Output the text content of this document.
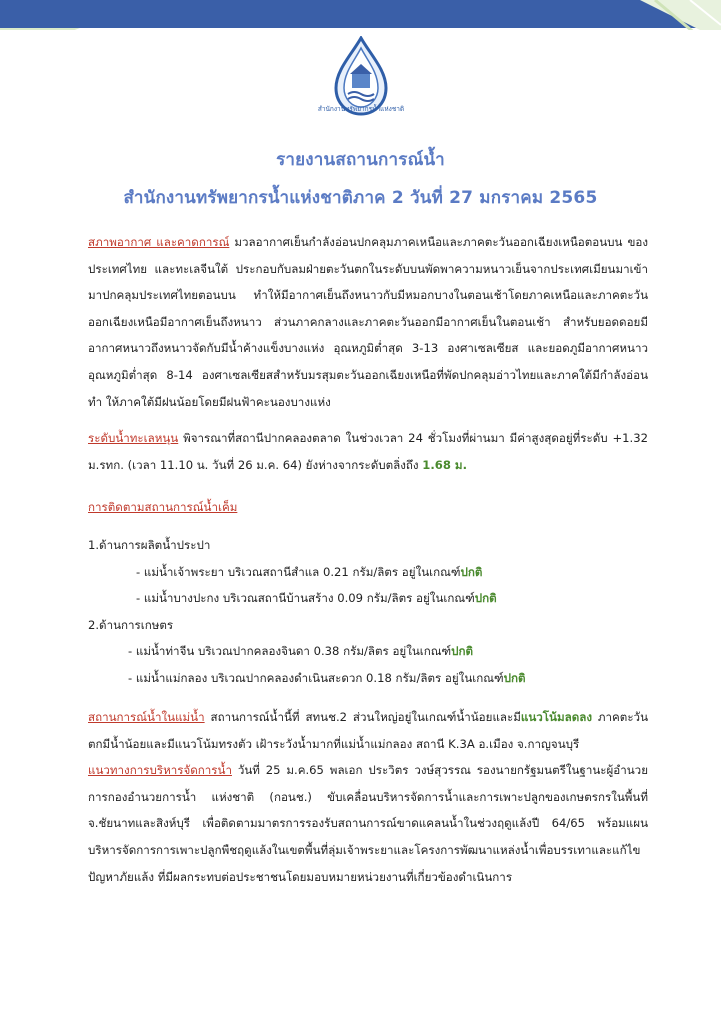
สำนักงานทรัพยากรน้ำแห่งชาติ
รายงานสถานการณ์น้ำ
สำนักงานทรัพยากรน้ำแห่งชาติภาค 2 วันที่ 27 มกราคม 2565
สภาพอากาศ และคาดการณ์ มวลอากาศเย็นกำลังอ่อนปกคลุมภาคเหนือและภาคตะวันออกเฉียงเหนือตอนบน ของประเทศไทย และทะเลจีนใต้ ประกอบกับลมฝ่ายตะวันตกในระดับบนพัดพาความหนาวเย็นจากประเทศเมียนมาเข้ามาปกคลุมประเทศไทยตอนบน ทำให้มีอากาศเย็นถึงหนาวกับมีหมอกบางในตอนเช้าโดยภาคเหนือและภาคตะวันออกเฉียงเหนือมีอากาศเย็นถึงหนาว ส่วนภาคกลางและภาคตะวันออกมีอากาศเย็นในตอนเช้า สำหรับยอดดอยมีอากาศหนาวถึงหนาวจัดกับมีน้ำค้างแข็งบางแห่ง อุณหภูมิต่ำสุด 3-13 องศาเซลเซียส และยอดภูมีอากาศหนาวอุณหภูมิต่ำสุด 8-14 องศาเซลเซียสสำหรับมรสุมตะวันออกเฉียงเหนือที่พัดปกคลุมอ่าวไทยและภาคใต้มีกำลังอ่อน ทำ ให้ภาคใต้มีฝนน้อยโดยมีฝนฟ้าคะนองบางแห่ง
ระดับน้ำทะเลหนุน พิจารณาที่สถานีปากคลองตลาด ในช่วงเวลา 24 ชั่วโมงที่ผ่านมา มีค่าสูงสุดอยู่ที่ระดับ +1.32 ม.รทก. (เวลา 11.10 น. วันที่ 26 ม.ค. 64) ยังห่างจากระดับตลิ่งถึง 1.68 ม.
การติดตามสถานการณ์น้ำเค็ม
1.ด้านการผลิตน้ำประปา
- แม่น้ำเจ้าพระยา บริเวณสถานีสำแล 0.21 กรัม/ลิตร อยู่ในเกณฑ์ปกติ
- แม่น้ำบางปะกง บริเวณสถานีบ้านสร้าง 0.09 กรัม/ลิตร อยู่ในเกณฑ์ปกติ
2.ด้านการเกษตร
- แม่น้ำท่าจีน บริเวณปากคลองจินดา 0.38 กรัม/ลิตร อยู่ในเกณฑ์ปกติ
- แม่น้ำแม่กลอง บริเวณปากคลองดำเนินสะดวก 0.18 กรัม/ลิตร อยู่ในเกณฑ์ปกติ
สถานการณ์น้ำในแม่น้ำ สถานการณ์น้ำนี้ที่ สทนช.2 ส่วนใหญ่อยู่ในเกณฑ์น้ำน้อยและมีแนวโน้มลดลง ภาคตะวันตกมีน้ำน้อยและมีแนวโน้มทรงตัว เฝ้าระวังน้ำมากที่แม่น้ำแม่กลอง สถานี K.3A อ.เมือง จ.กาญจนบุรี
แนวทางการบริหารจัดการน้ำ วันที่ 25 ม.ค.65 พลเอก ประวิตร วงษ์สุวรรณ รองนายกรัฐมนตรีในฐานะผู้อำนวยการกองอำนวยการน้ำ แห่งชาติ (กอนช.) ขับเคลื่อนบริหารจัดการน้ำและการเพาะปลูกของเกษตรกรในพื้นที่ จ.ชัยนาทและสิงห์บุรี เพื่อติดตามมาตรการรองรับสถานการณ์ขาดแคลนน้ำในช่วงฤดูแล้งปี 64/65 พร้อมแผนบริหารจัดการการเพาะปลูกพืชฤดูแล้งในเขตพื้นที่ลุ่มเจ้าพระยาและโครงการพัฒนาแหล่งน้ำเพื่อบรรเทาและแก้ไขปัญหาภัยแล้ง ที่มีผลกระทบต่อประชาชนโดยมอบหมายหน่วยงานที่เกี่ยวข้องดำเนินการ
